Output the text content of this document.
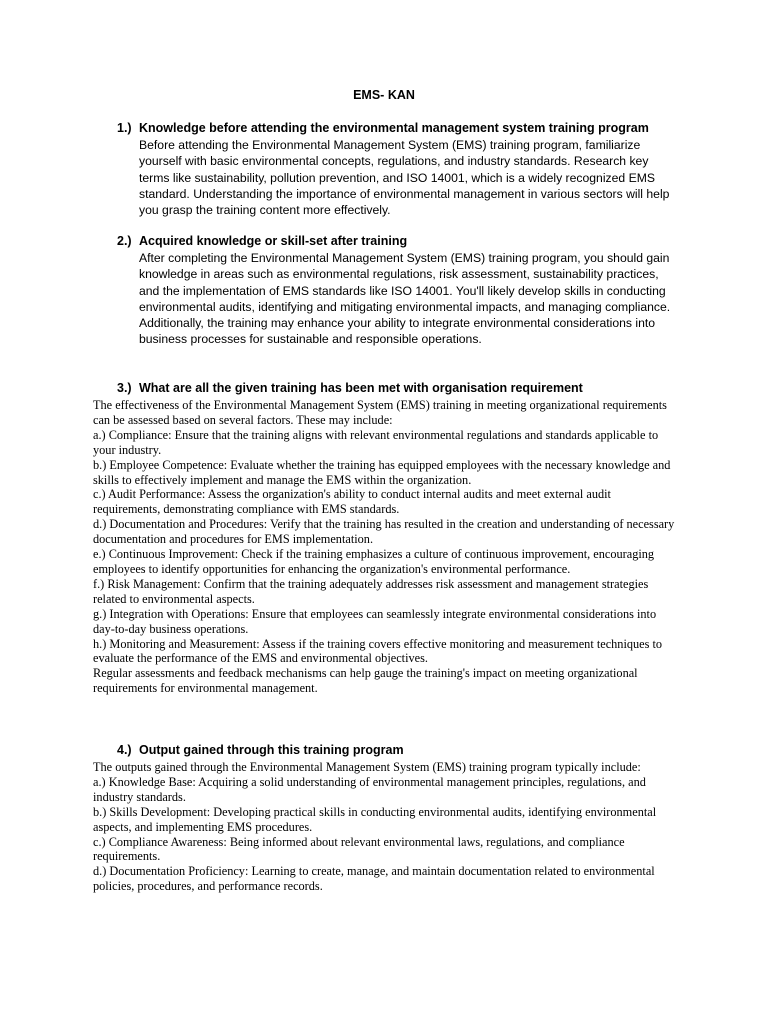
EMS- KAN
1.) Knowledge before attending the environmental management system training program
Before attending the Environmental Management System (EMS) training program, familiarize yourself with basic environmental concepts, regulations, and industry standards. Research key terms like sustainability, pollution prevention, and ISO 14001, which is a widely recognized EMS standard. Understanding the importance of environmental management in various sectors will help you grasp the training content more effectively.
2.) Acquired knowledge or skill-set after training
After completing the Environmental Management System (EMS) training program, you should gain knowledge in areas such as environmental regulations, risk assessment, sustainability practices, and the implementation of EMS standards like ISO 14001. You'll likely develop skills in conducting environmental audits, identifying and mitigating environmental impacts, and managing compliance. Additionally, the training may enhance your ability to integrate environmental considerations into business processes for sustainable and responsible operations.
3.) What are all the given training has been met with organisation requirement

The effectiveness of the Environmental Management System (EMS) training in meeting organizational requirements can be assessed based on several factors. These may include:

a.) Compliance: Ensure that the training aligns with relevant environmental regulations and standards applicable to your industry.

b.) Employee Competence: Evaluate whether the training has equipped employees with the necessary knowledge and skills to effectively implement and manage the EMS within the organization.

c.) Audit Performance: Assess the organization's ability to conduct internal audits and meet external audit requirements, demonstrating compliance with EMS standards.

d.) Documentation and Procedures: Verify that the training has resulted in the creation and understanding of necessary documentation and procedures for EMS implementation.

e.) Continuous Improvement: Check if the training emphasizes a culture of continuous improvement, encouraging employees to identify opportunities for enhancing the organization's environmental performance.

f.) Risk Management: Confirm that the training adequately addresses risk assessment and management strategies related to environmental aspects.

g.) Integration with Operations: Ensure that employees can seamlessly integrate environmental considerations into day-to-day business operations.

h.) Monitoring and Measurement: Assess if the training covers effective monitoring and measurement techniques to evaluate the performance of the EMS and environmental objectives.

Regular assessments and feedback mechanisms can help gauge the training's impact on meeting organizational requirements for environmental management.

4.) Output gained through this training program

The outputs gained through the Environmental Management System (EMS) training program typically include:

a.) Knowledge Base: Acquiring a solid understanding of environmental management principles, regulations, and industry standards.

b.) Skills Development: Developing practical skills in conducting environmental audits, identifying environmental aspects, and implementing EMS procedures.

c.) Compliance Awareness: Being informed about relevant environmental laws, regulations, and compliance requirements.

d.) Documentation Proficiency: Learning to create, manage, and maintain documentation related to environmental policies, procedures, and performance records.
